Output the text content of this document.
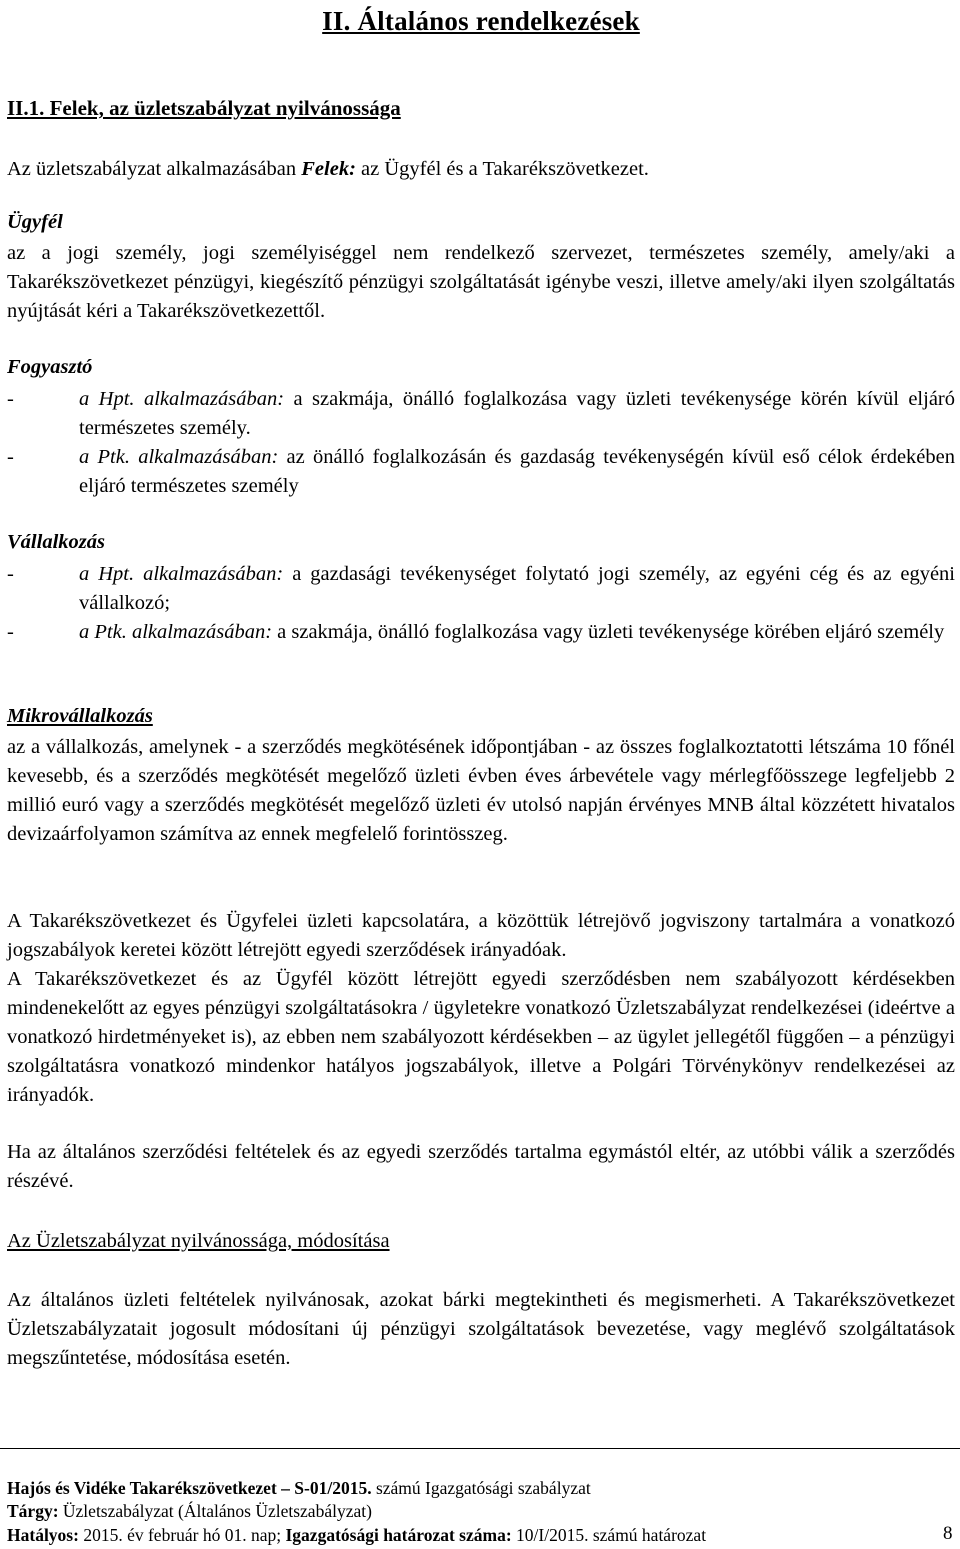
II. Általános rendelkezések
II.1. Felek, az üzletszabályzat nyilvánossága
Az üzletszabályzat alkalmazásában Felek: az Ügyfél és a Takarékszövetkezet.
Ügyfél
az a jogi személy, jogi személyiséggel nem rendelkező szervezet, természetes személy, amely/aki a Takarékszövetkezet pénzügyi, kiegészítő pénzügyi szolgáltatását igénybe veszi, illetve amely/aki ilyen szolgáltatás nyújtását kéri a Takarékszövetkezettől.
Fogyasztó
-	a Hpt. alkalmazásában: a szakmája, önálló foglalkozása vagy üzleti tevékenysége körén kívül eljáró természetes személy.
-	a Ptk. alkalmazásában: az önálló foglalkozásán és gazdaság tevékenységén kívül eső célok érdekében eljáró természetes személy
Vállalkozás
-	a Hpt. alkalmazásában: a gazdasági tevékenységet folytató jogi személy, az egyéni cég és az egyéni vállalkozó;
-	a Ptk. alkalmazásában: a szakmája, önálló foglalkozása vagy üzleti tevékenysége körében eljáró személy
Mikrovállalkozás
az a vállalkozás, amelynek - a szerződés megkötésének időpontjában - az összes foglalkoztatotti létszáma 10 főnél kevesebb, és a szerződés megkötését megelőző üzleti évben éves árbevétele vagy mérlegfőösszege legfeljebb 2 millió euró vagy a szerződés megkötését megelőző üzleti év utolsó napján érvényes MNB által közzétett hivatalos devizaárfolyamon számítva az ennek megfelelő forintösszeg.
A Takarékszövetkezet és Ügyfelei üzleti kapcsolatára, a közöttük létrejövő jogviszony tartalmára a vonatkozó jogszabályok keretei között létrejött egyedi szerződések irányadóak.
A Takarékszövetkezet és az Ügyfél között létrejött egyedi szerződésben nem szabályozott kérdésekben mindenekelőtt az egyes pénzügyi szolgáltatásokra / ügyletekre vonatkozó Üzletszabályzat rendelkezései (ideértve a vonatkozó hirdetményeket is), az ebben nem szabályozott kérdésekben – az ügylet jellegétől függően – a pénzügyi szolgáltatásra vonatkozó mindenkor hatályos jogszabályok, illetve a Polgári Törvénykönyv rendelkezései az irányadók.
Ha az általános szerződési feltételek és az egyedi szerződés tartalma egymástól eltér, az utóbbi válik a szerződés részévé.
Az Üzletszabályzat nyilvánossága, módosítása
Az általános üzleti feltételek nyilvánosak, azokat bárki megtekintheti és megismerheti. A Takarékszövetkezet Üzletszabályzatait jogosult módosítani új pénzügyi szolgáltatások bevezetése, vagy meglévő szolgáltatások megszűntetése, módosítása esetén.
Hajós és Vidéke Takarékszövetkezet – S-01/2015. számú Igazgatósági szabályzat
Tárgy: Üzletszabályzat (Általános Üzletszabályzat)
Hatályos: 2015. év február hó 01. nap; Igazgatósági határozat száma: 10/I/2015. számú határozat	8
